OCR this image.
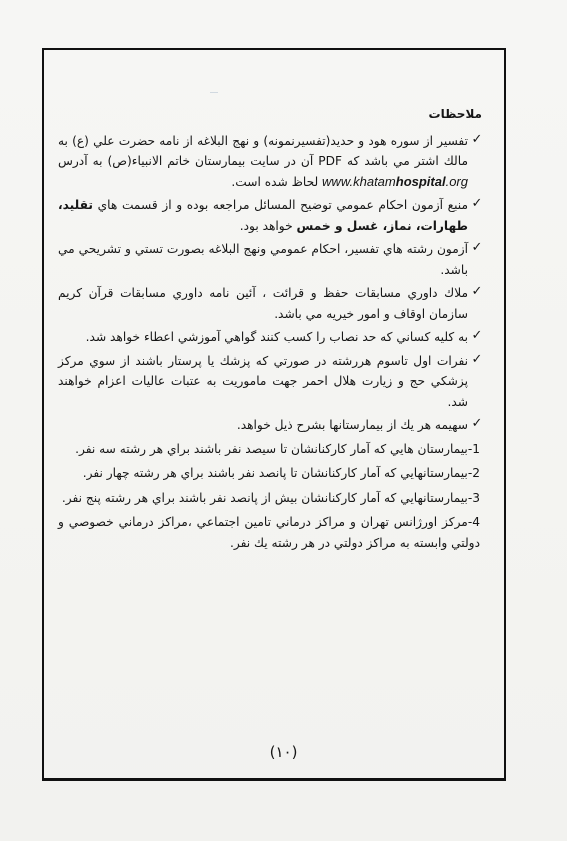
ملاحظات
✓
تفسير از سوره هود و حديد(تفسيرنمونه) و نهج البلاغه از نامه حضرت علي (ع) به مالك اشتر مي باشد كه PDF آن در سايت بيمارستان خاتم الانبياء(ص) به آدرس www.khatamhospital.org لحاظ شده است.
✓
منبع آزمون احكام عمومي توضيح المسائل مراجعه بوده و از قسمت هاي تقليد، طهارات، نماز، غسل و خمس خواهد بود.
✓
آزمون رشته هاي تفسير، احكام عمومي ونهج البلاغه بصورت تستي و تشريحي مي باشد.
✓
ملاك داوري مسابقات حفظ و قرائت ، آئين نامه داوري مسابقات قرآن كريم سازمان اوقاف و امور خيريه مي باشد.
✓
به كليه كساني كه حد نصاب را كسب كنند گواهي آموزشي اعطاء خواهد شد.
✓
نفرات اول تاسوم هررشته در صورتي كه پزشك يا پرستار باشند از سوي مركز پزشكي حج و زيارت هلال احمر جهت ماموريت به عتبات عاليات اعزام خواهند شد.
✓
سهيمه هر يك از بيمارستانها بشرح ذيل خواهد.
1-بيمارستان هايي كه آمار كاركنانشان تا سيصد نفر باشند براي هر رشته سه نفر.
2-بيمارستانهايي كه آمار كاركنانشان تا پانصد نفر باشند براي هر رشته چهار نفر.
3-بيمارستانهايي كه آمار كاركنانشان بيش از پانصد نفر باشند براي هر رشته پنج نفر.
4-مركز اورژانس تهران و مراكز درماني تامين اجتماعي ،مراكز درماني خصوصي و دولتي وابسته به مراكز دولتي در هر رشته يك نفر.
(۱۰)
